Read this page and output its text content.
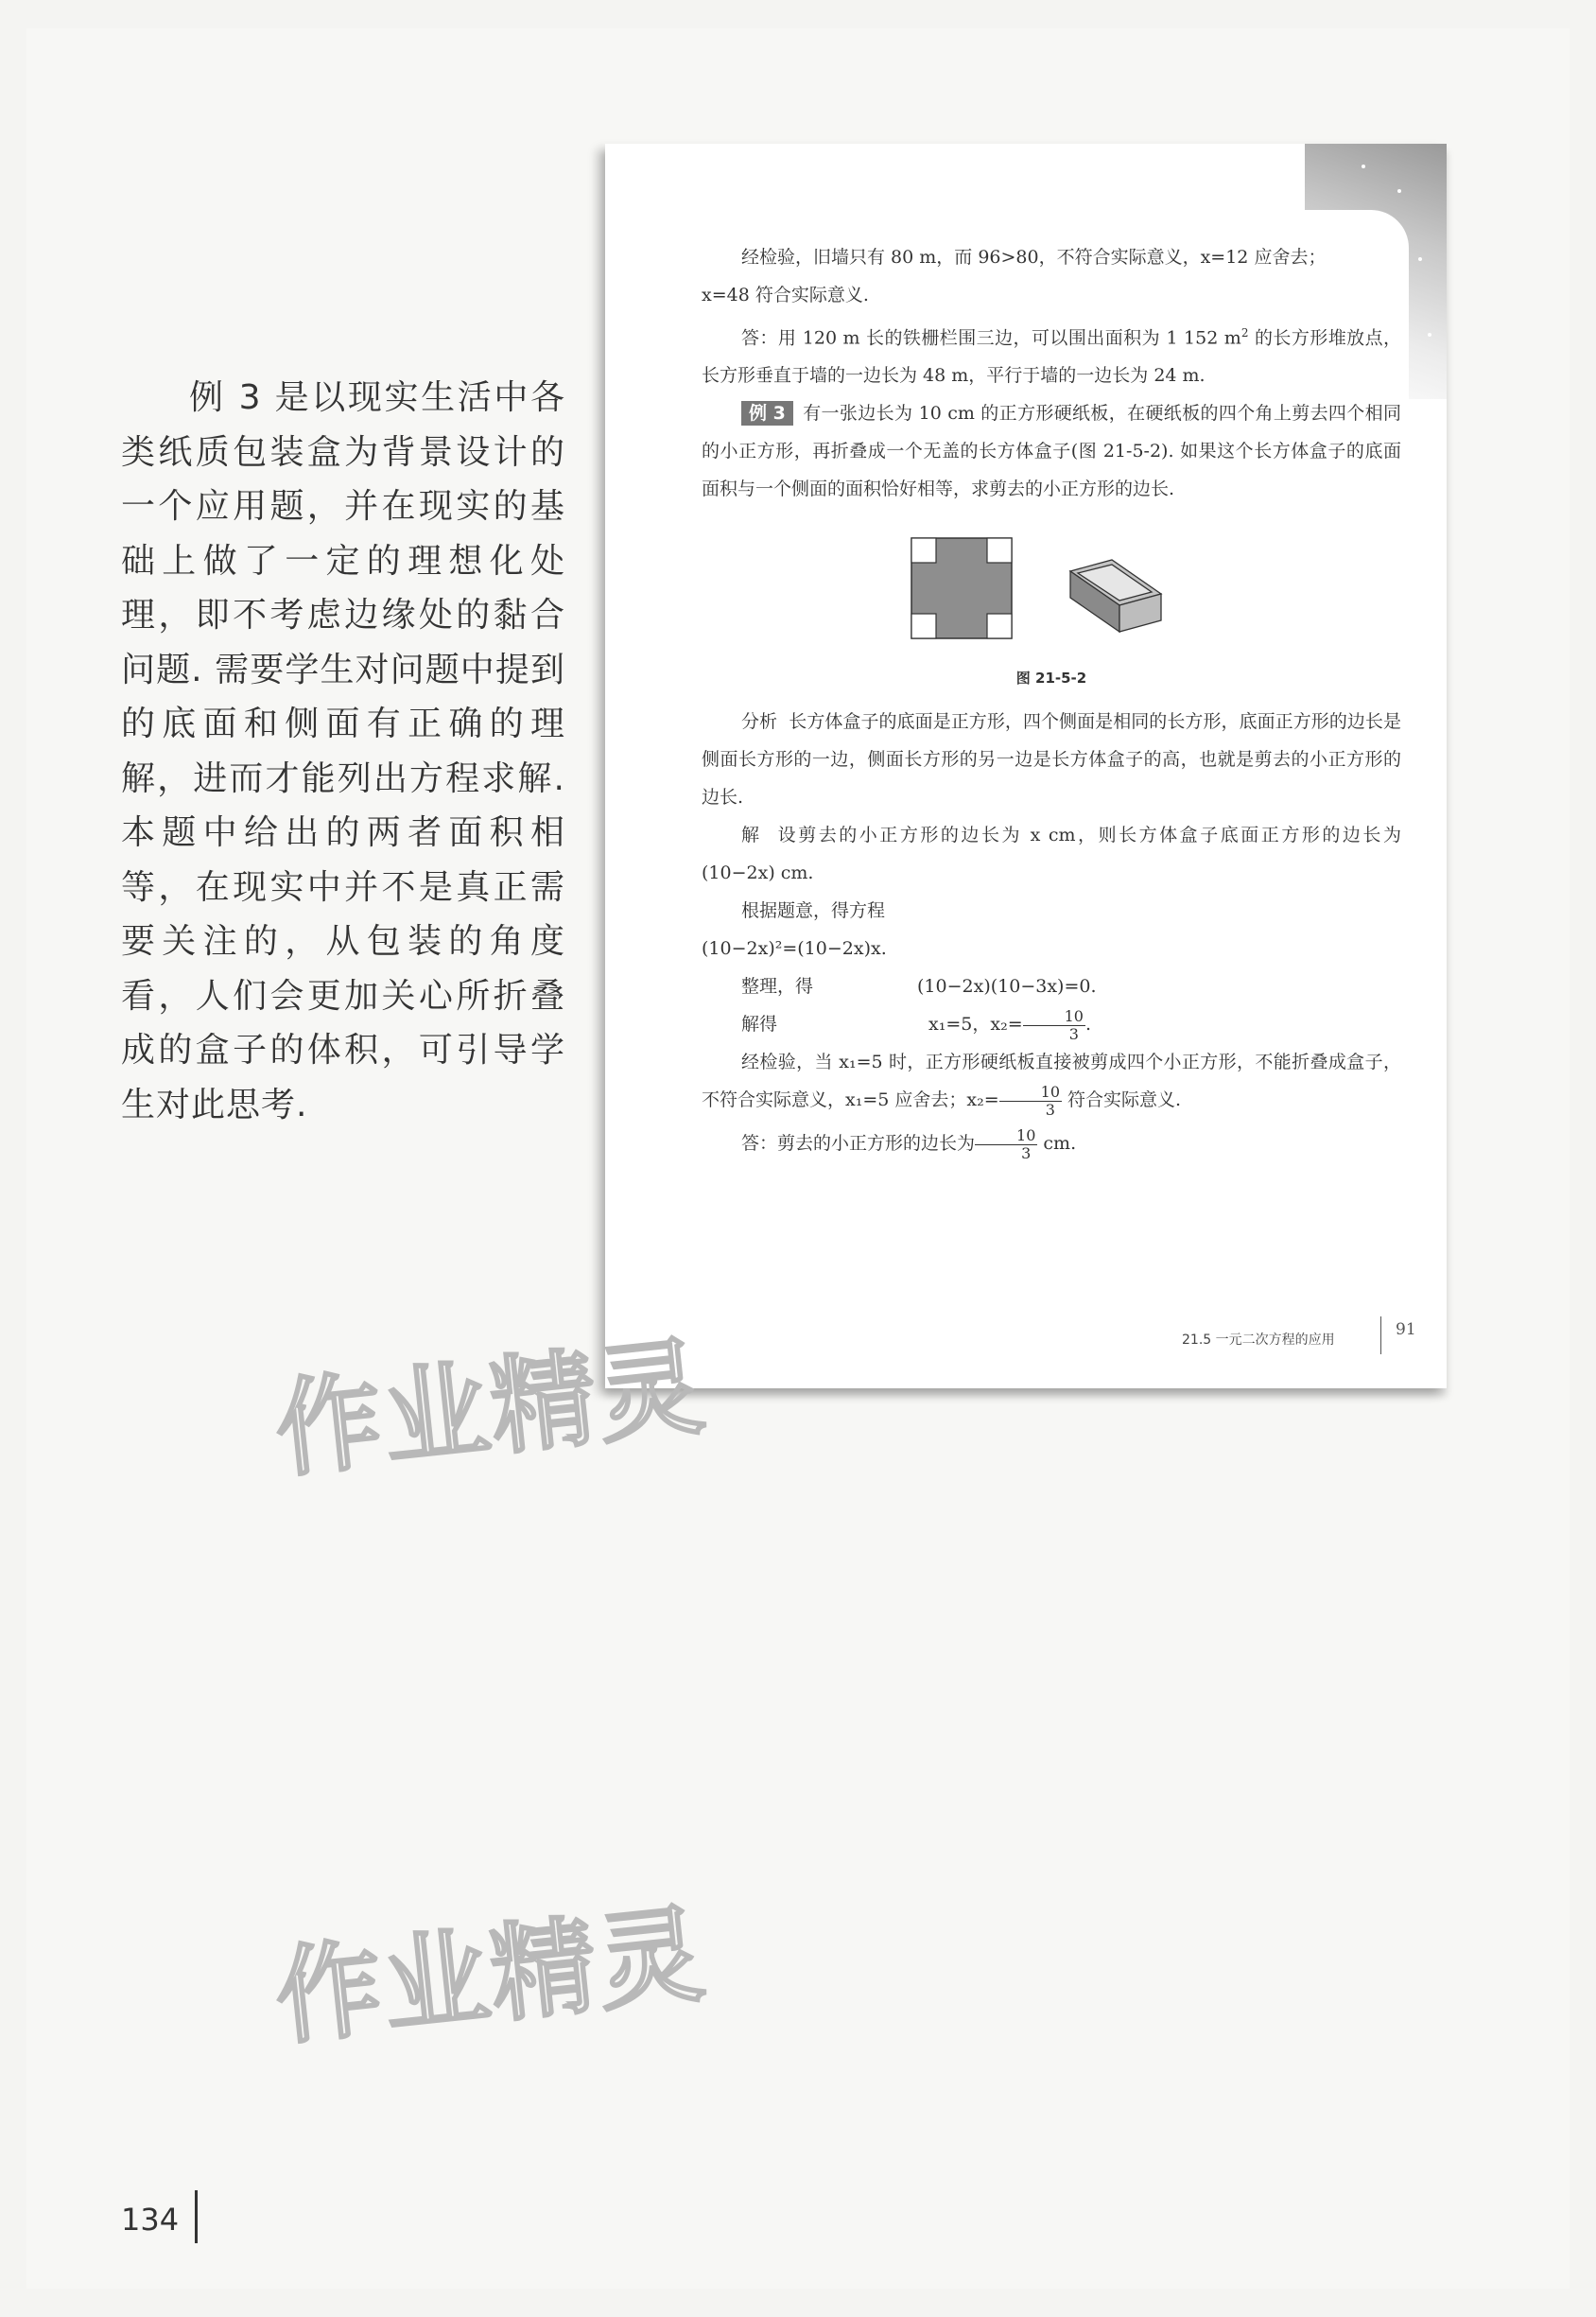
例 3 是以现实生活中各类纸质包装盒为背景设计的一个应用题，并在现实的基础上做了一定的理想化处理，即不考虑边缘处的黏合问题. 需要学生对问题中提到的底面和侧面有正确的理解，进而才能列出方程求解. 本题中给出的两者面积相等，在现实中并不是真正需要关注的，从包装的角度看，人们会更加关心所折叠成的盒子的体积，可引导学生对此思考.

经检验，旧墙只有 80 m，而 96>80，不符合实际意义，x=12 应舍去；

x=48 符合实际意义.

答：用 120 m 长的铁栅栏围三边，可以围出面积为 1 152 $m^2$ 的长方形堆放点，长方形垂直于墙的一边长为 48 m，平行于墙的一边长为 24 m.

例 3 有一张边长为 10 cm 的正方形硬纸板，在硬纸板的四个角上剪去四个相同的小正方形，再折叠成一个无盖的长方体盒子(图 21-5-2). 如果这个长方体盒子的底面面积与一个侧面的面积恰好相等，求剪去的小正方形的边长.

图 21-5-2

分析 长方体盒子的底面是正方形，四个侧面是相同的长方形，底面正方形的边长是侧面长方形的一边，侧面长方形的另一边是长方体盒子的高，也就是剪去的小正方形的边长.

解 设剪去的小正方形的边长为 x cm，则长方体盒子底面正方形的边长为 (10−2x) cm.

根据题意，得方程

(10−2x)²=(10−2x)x.

整理，得	(10−2x)(10−3x)=0.

解得	x₁=5，$x_2= \frac{10}{3}$ .

经检验，当 x₁=5 时，正方形硬纸板直接被剪成四个小正方形，不能折叠成盒子，不符合实际意义，x₁=5 应舍去；$x_2= \frac{10}{3}$ 符合实际意义.

答：剪去的小正方形的边长为 $\frac{10}{3}$ cm.

21.5 一元二次方程的应用
91
作业精灵
作业精灵
134
